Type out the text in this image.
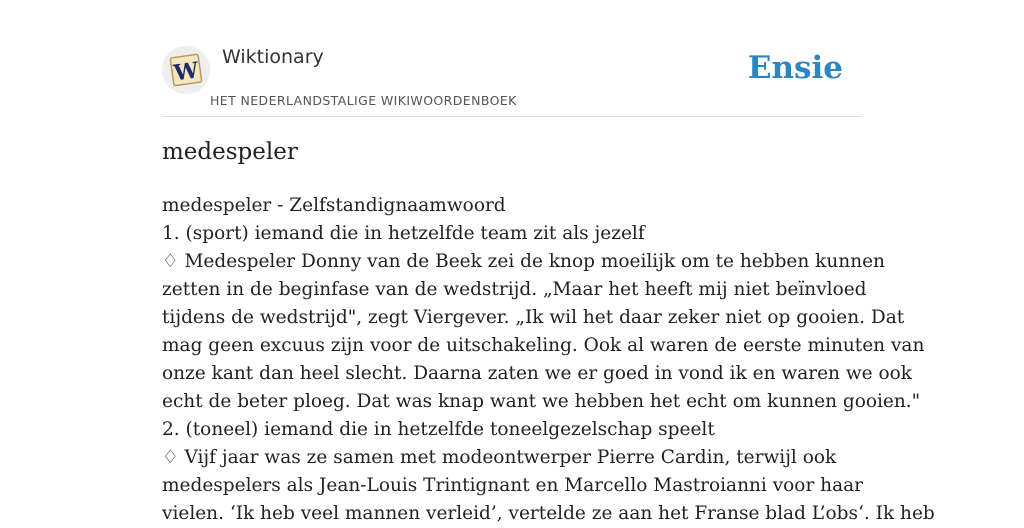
W
Wiktionary
HET NEDERLANDSTALIGE WIKIWOORDENBOEK
Ensie
medespeler
medespeler - Zelfstandignaamwoord
1. (sport) iemand die in hetzelfde team zit als jezelf
♢ Medespeler Donny van de Beek zei de knop moeilijk om te hebben kunnen
zetten in de beginfase van de wedstrijd. „Maar het heeft mij niet beïnvloed
tijdens de wedstrijd", zegt Viergever. „Ik wil het daar zeker niet op gooien. Dat
mag geen excuus zijn voor de uitschakeling. Ook al waren de eerste minuten van
onze kant dan heel slecht. Daarna zaten we er goed in vond ik en waren we ook
echt de beter ploeg. Dat was knap want we hebben het echt om kunnen gooien."
2. (toneel) iemand die in hetzelfde toneelgezelschap speelt
♢ Vijf jaar was ze samen met modeontwerper Pierre Cardin, terwijl ook
medespelers als Jean-Louis Trintignant en Marcello Mastroianni voor haar
vielen. ‘Ik heb veel mannen verleid’, vertelde ze aan het Franse blad L’obs‘. Ik heb
